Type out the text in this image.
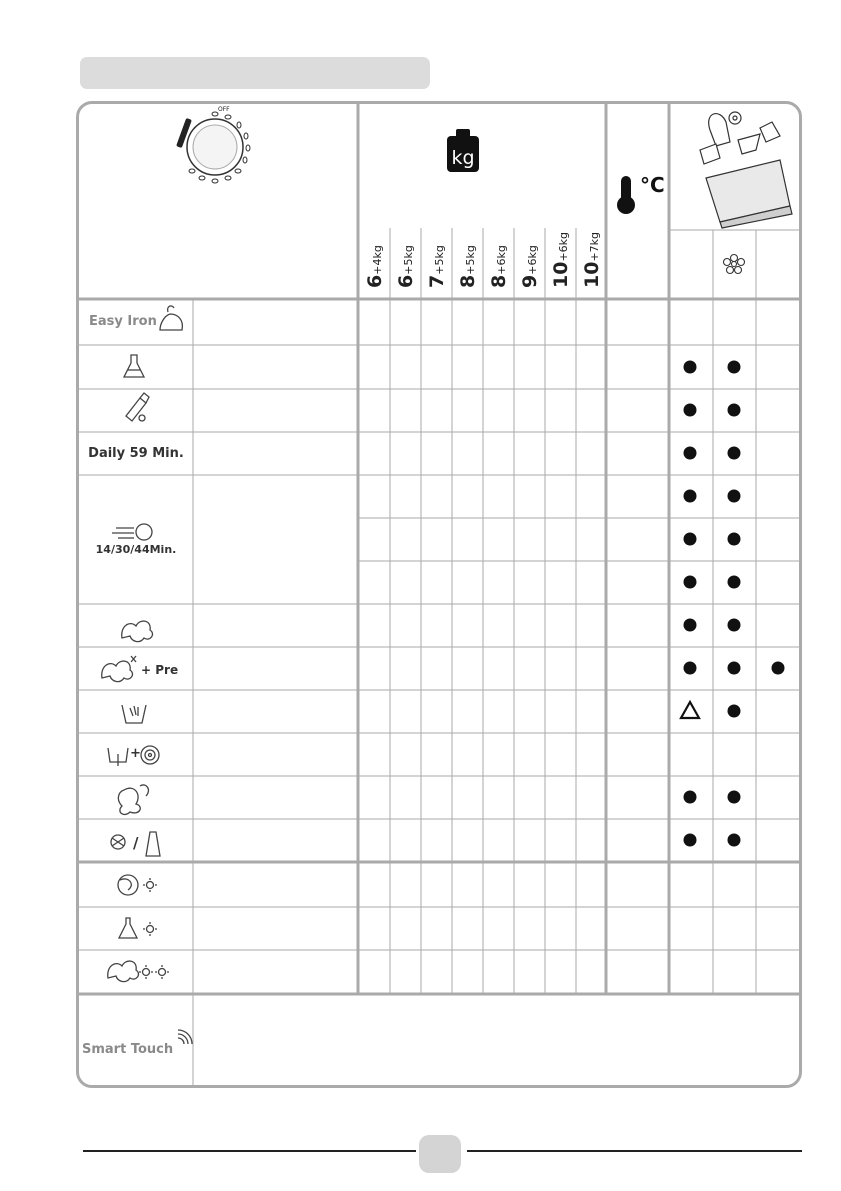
OFF
kg
°C
6+4kg
6+5kg
7+5kg
8+5kg
8+6kg
9+6kg
10+6kg
10+7kg
Easy Iron
Daily 59 Min.
14/30/44Min.
+ Pre
+
/
Smart Touch
